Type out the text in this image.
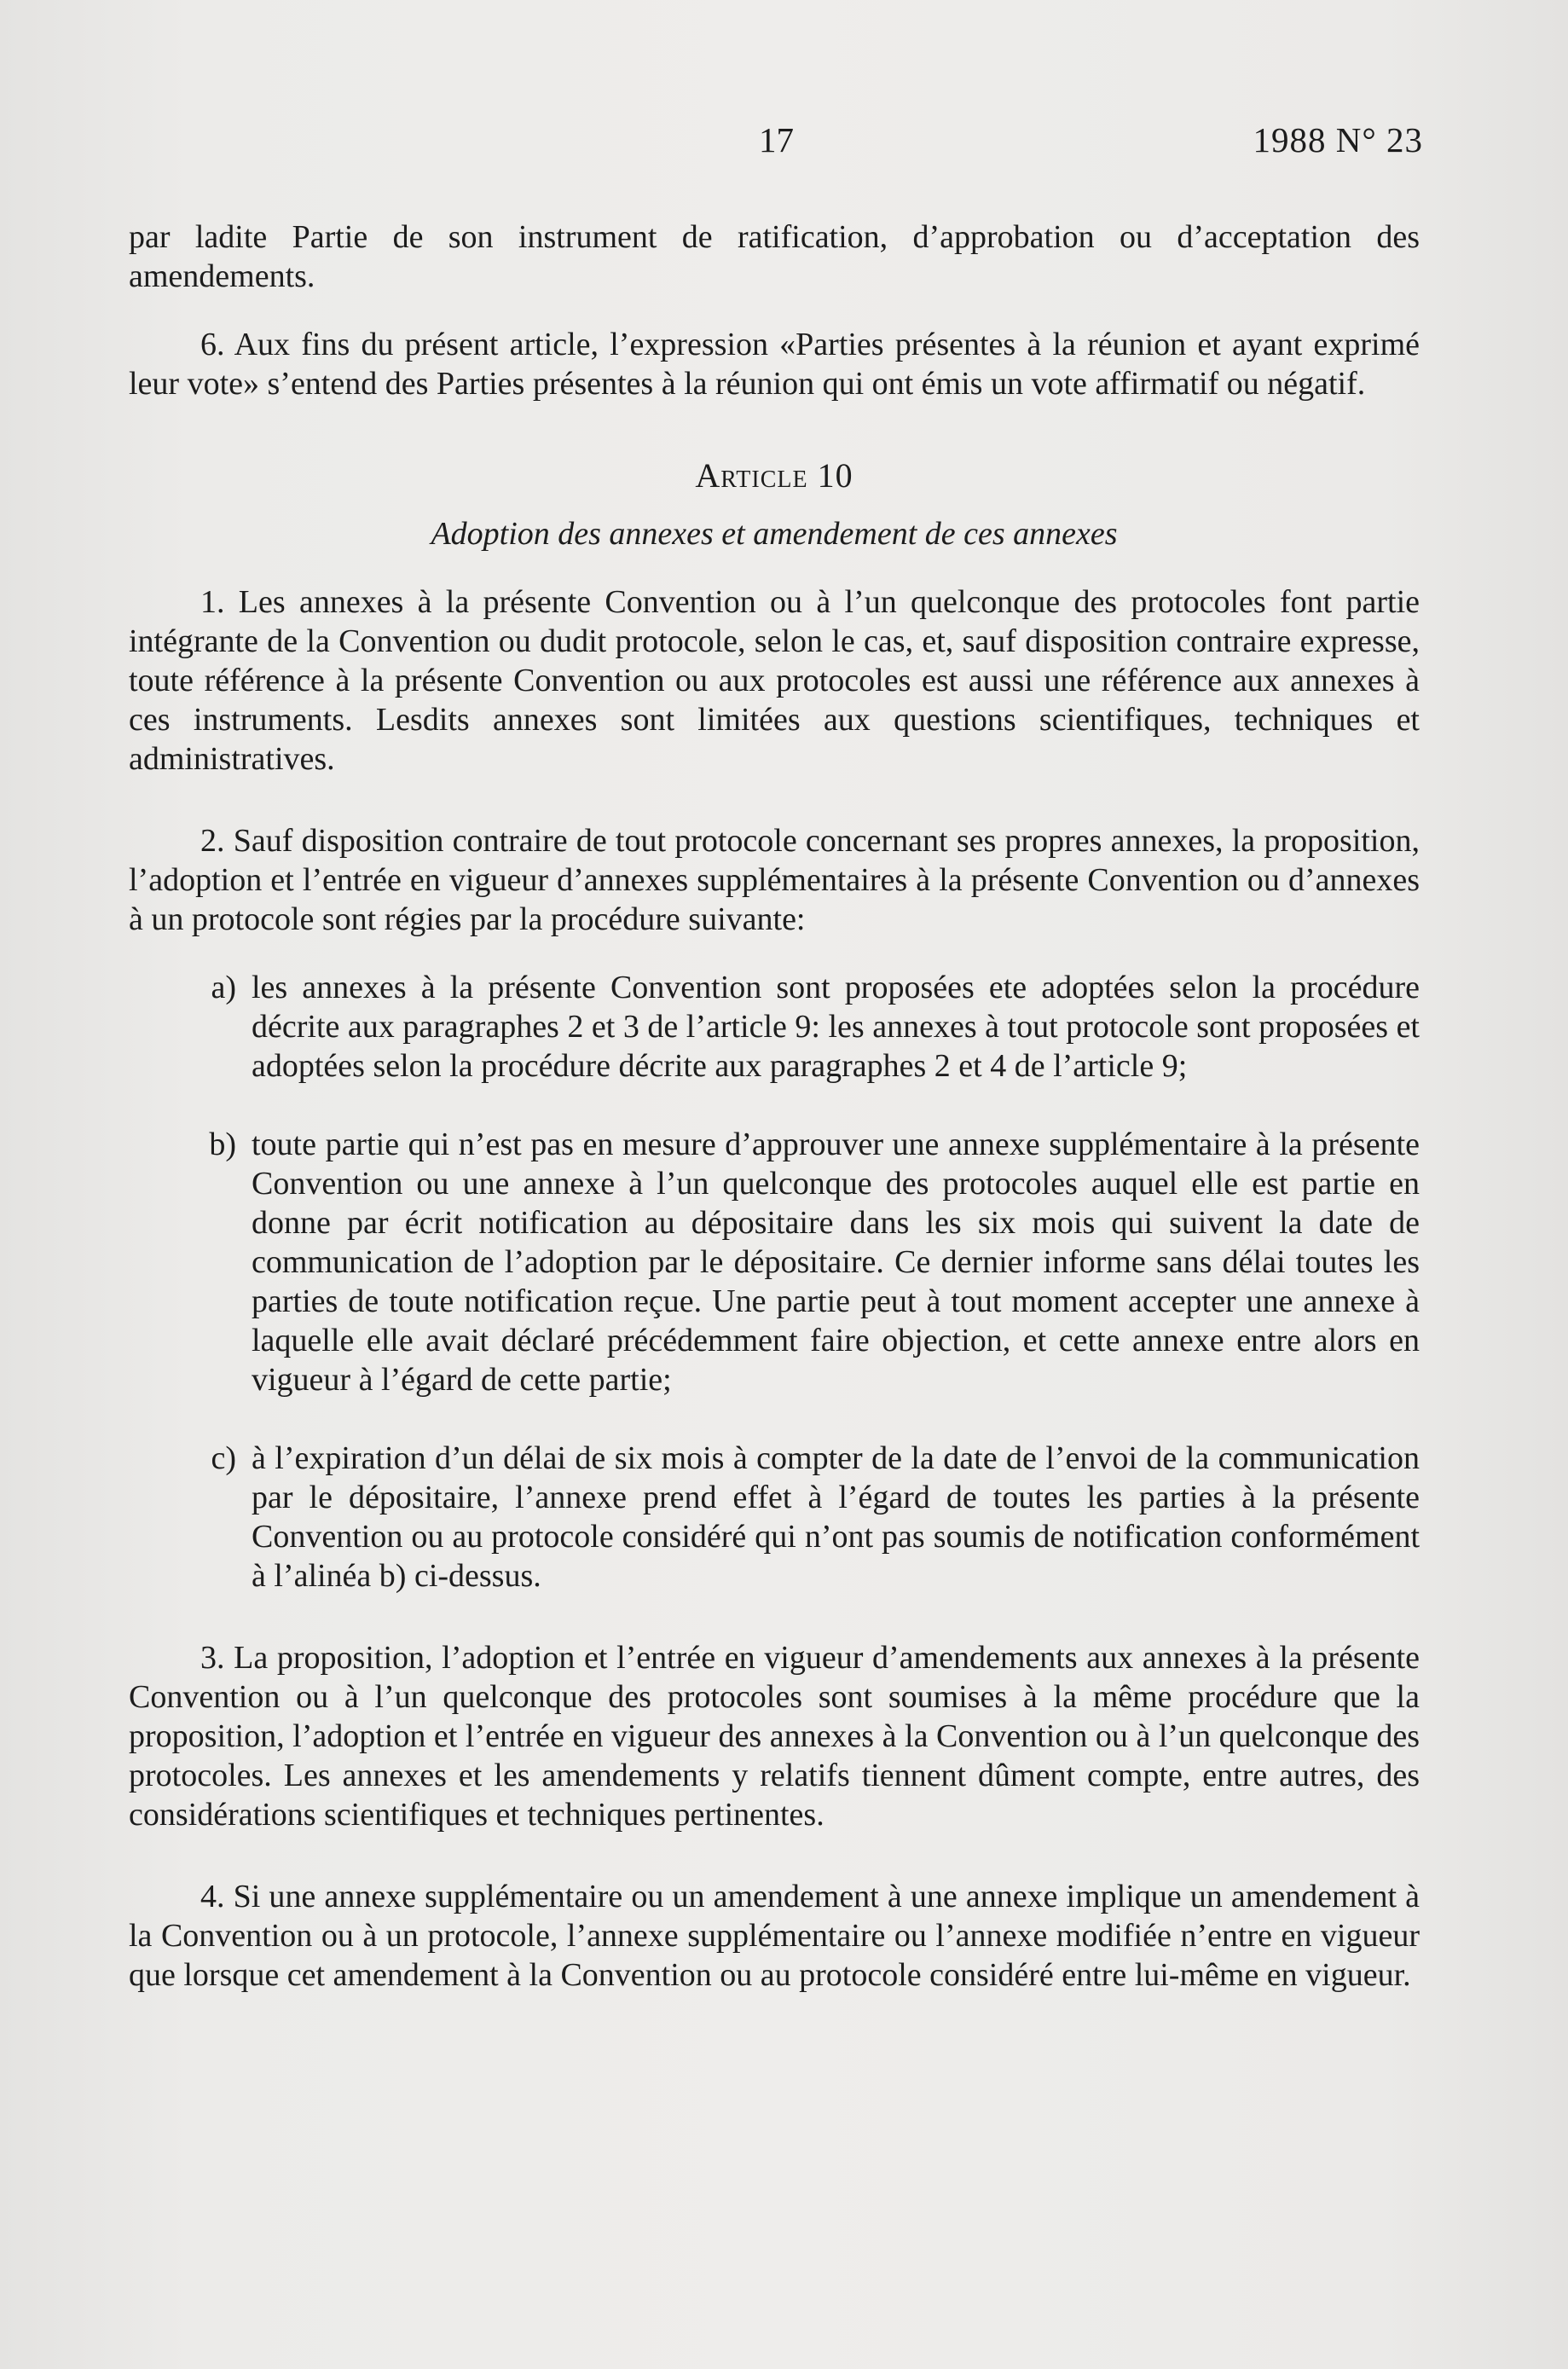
17	1988 N° 23

par ladite Partie de son instrument de ratification, d’approbation ou d’acceptation des amendements.

6. Aux fins du présent article, l’expression «Parties présentes à la réunion et ayant exprimé leur vote» s’entend des Parties présentes à la réunion qui ont émis un vote affirmatif ou négatif.

Article 10
Adoption des annexes et amendement de ces annexes

1. Les annexes à la présente Convention ou à l’un quelconque des protocoles font partie intégrante de la Convention ou dudit protocole, selon le cas, et, sauf disposition contraire expresse, toute référence à la présente Convention ou aux protocoles est aussi une référence aux annexes à ces instruments. Lesdits annexes sont limitées aux questions scientifiques, techniques et administratives.

2. Sauf disposition contraire de tout protocole concernant ses propres annexes, la proposition, l’adoption et l’entrée en vigueur d’annexes supplémentaires à la présente Convention ou d’annexes à un protocole sont régies par la procédure suivante:

a) les annexes à la présente Convention sont proposées ete adoptées selon la procédure décrite aux paragraphes 2 et 3 de l’article 9: les annexes à tout protocole sont proposées et adoptées selon la procédure décrite aux paragraphes 2 et 4 de l’article 9;
b) toute partie qui n’est pas en mesure d’approuver une annexe supplémentaire à la présente Convention ou une annexe à l’un quelconque des protocoles auquel elle est partie en donne par écrit notification au dépositaire dans les six mois qui suivent la date de communication de l’adoption par le dépositaire. Ce dernier informe sans délai toutes les parties de toute notification reçue. Une partie peut à tout moment accepter une annexe à laquelle elle avait déclaré précédemment faire objection, et cette annexe entre alors en vigueur à l’égard de cette partie;
c) à l’expiration d’un délai de six mois à compter de la date de l’envoi de la communication par le dépositaire, l’annexe prend effet à l’égard de toutes les parties à la présente Convention ou au protocole considéré qui n’ont pas soumis de notification conformément à l’alinéa b) ci-dessus.

3. La proposition, l’adoption et l’entrée en vigueur d’amendements aux annexes à la présente Convention ou à l’un quelconque des protocoles sont soumises à la même procédure que la proposition, l’adoption et l’entrée en vigueur des annexes à la Convention ou à l’un quelconque des protocoles. Les annexes et les amendements y relatifs tiennent dûment compte, entre autres, des considérations scientifiques et techniques pertinentes.

4. Si une annexe supplémentaire ou un amendement à une annexe implique un amendement à la Convention ou à un protocole, l’annexe supplémentaire ou l’annexe modifiée n’entre en vigueur que lorsque cet amendement à la Convention ou au protocole considéré entre lui-même en vigueur.
